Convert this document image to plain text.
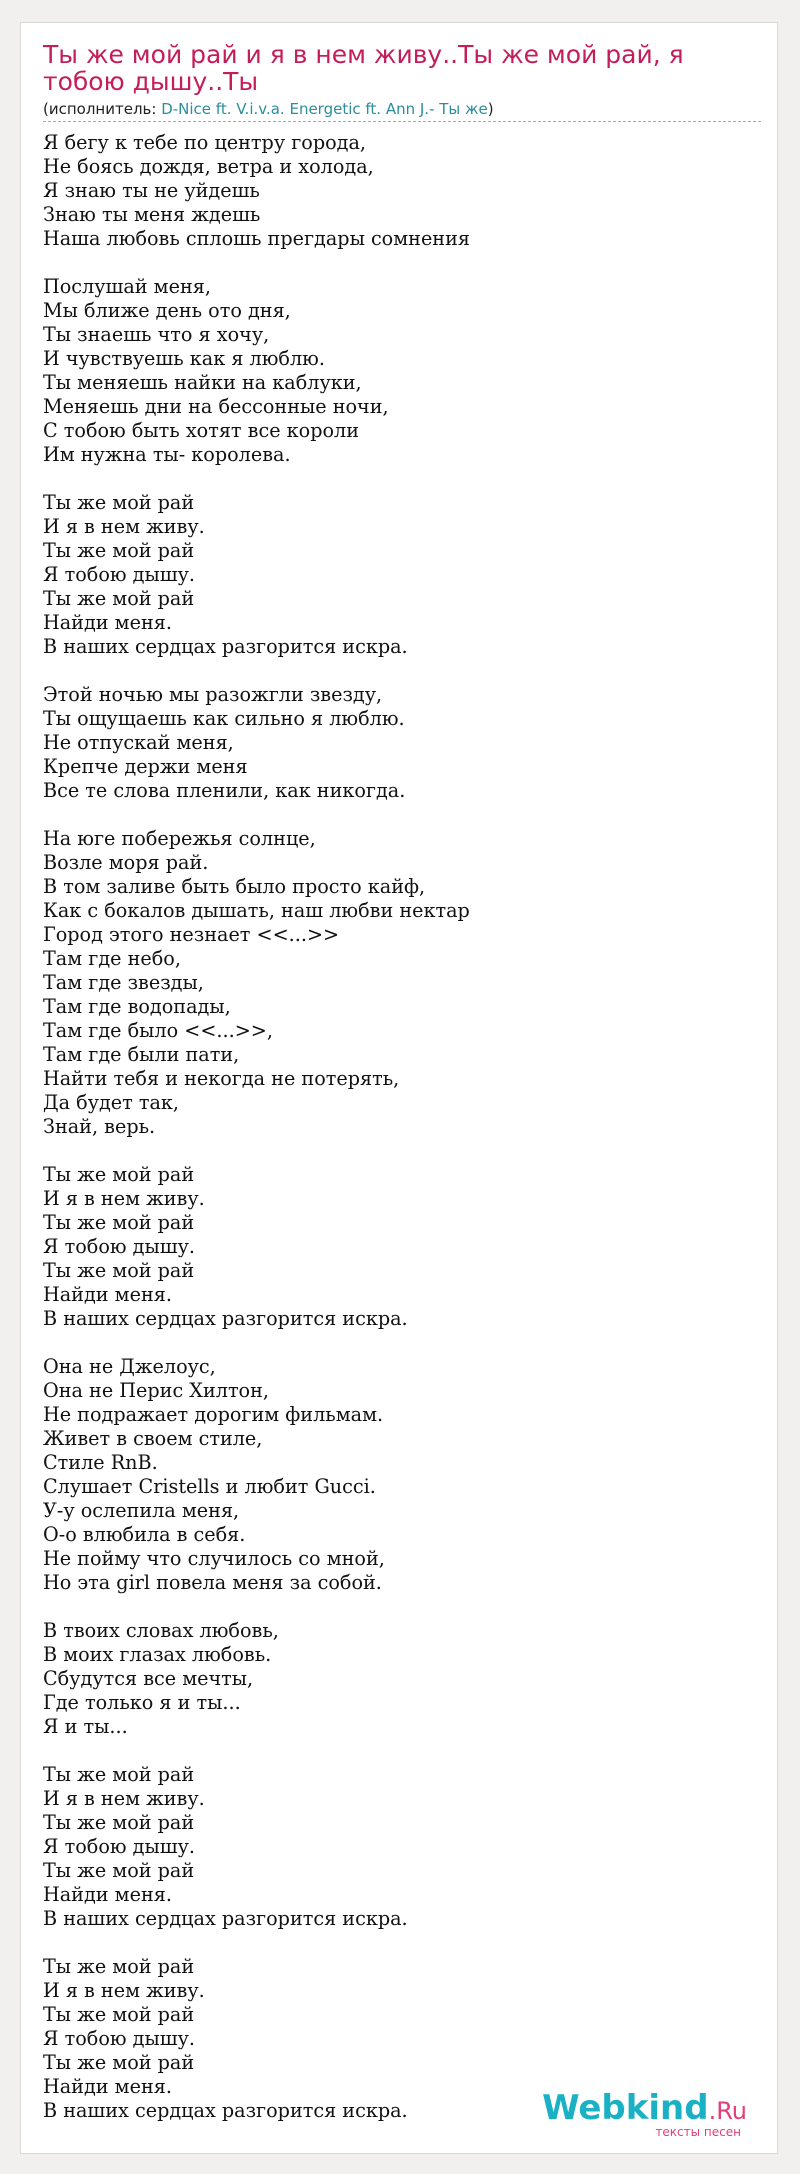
Ты же мой рай и я в нем живу..Ты же мой рай, я тобою дышу..Ты
(исполнитель: D-Nice ft. V.i.v.a. Energetic ft. Ann J.- Ты же)
Я бегу к тебе по центру города,
Не боясь дождя, ветра и холода,
Я знаю ты не уйдешь
Знаю ты меня ждешь
Наша любовь сплошь прегдары сомнения
Послушай меня,
Мы ближе день ото дня,
Ты знаешь что я хочу,
И чувствуешь как я люблю.
Ты меняешь найки на каблуки,
Меняешь дни на бессонные ночи,
С тобою быть хотят все короли
Им нужна ты- королева.
Ты же мой рай
И я в нем живу.
Ты же мой рай
Я тобою дышу.
Ты же мой рай
Найди меня.
В наших сердцах разгорится искра.
Этой ночью мы разожгли звезду,
Ты ощущаешь как сильно я люблю.
Не отпускай меня,
Крепче держи меня
Все те слова пленили, как никогда.
На юге побережья солнце,
Возле моря рай.
В том заливе быть было просто кайф,
Как с бокалов дышать, наш любви нектар
Город этого незнает <<...>>
Там где небо,
Там где звезды,
Там где водопады,
Там где было <<...>>,
Там где были пати,
Найти тебя и некогда не потерять,
Да будет так,
Знай, верь.
Ты же мой рай
И я в нем живу.
Ты же мой рай
Я тобою дышу.
Ты же мой рай
Найди меня.
В наших сердцах разгорится искра.
Она не Джелоус,
Она не Перис Хилтон,
Не подражает дорогим фильмам.
Живет в своем стиле,
Стиле RnB.
Слушает Cristells и любит Gucci.
У-у ослепила меня,
О-о влюбила в себя.
Не пойму что случилось со мной,
Но эта girl повела меня за собой.
В твоих словах любовь,
В моих глазах любовь.
Сбудутся все мечты,
Где только я и ты...
Я и ты...
Ты же мой рай
И я в нем живу.
Ты же мой рай
Я тобою дышу.
Ты же мой рай
Найди меня.
В наших сердцах разгорится искра.
Ты же мой рай
И я в нем живу.
Ты же мой рай
Я тобою дышу.
Ты же мой рай
Найди меня.
В наших сердцах разгорится искра.	Webkind.Ru
тексты песен
